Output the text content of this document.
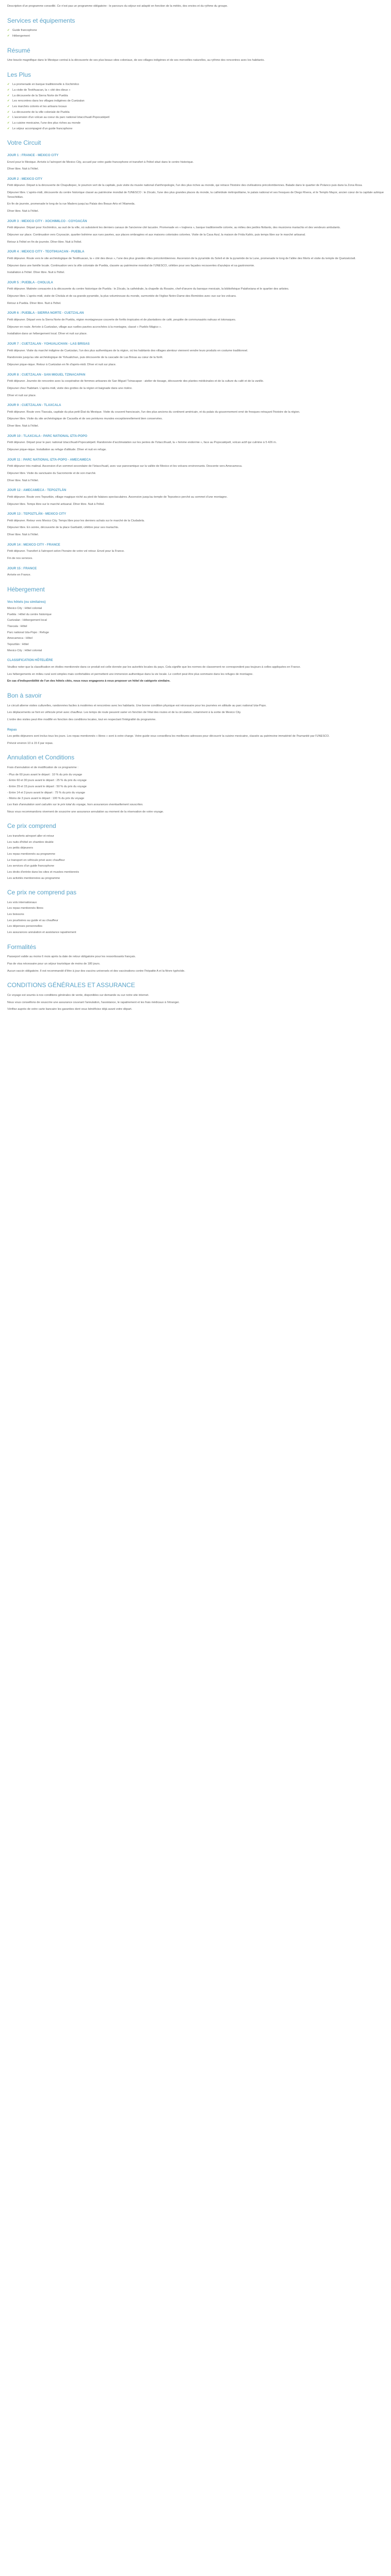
Description d'un programme conseillé. Ce n'est pas un programme obligatoire : le parcours du séjour est adapté en fonction de la météo, des envies et du rythme du groupe.

Services et équipements
✔ Guide francophone
✔ Hébergement
Résumé

Une boucle magnifique dans le Mexique central à la découverte de ses plus beaux sites coloniaux, de ses villages indigènes et de ses merveilles naturelles, au rythme des rencontres avec les habitants.

Les Plus
✔ La promenade en barque traditionnelle à Xochimilco
✔ La visite de Teotihuacan, la « cité des dieux »
✔ La découverte de la Sierra Norte de Puebla
✔ Les rencontres dans les villages indigènes de Cuetzalan
✔ Les marchés colorés et les artisans locaux
✔ La découverte de la ville coloniale de Puebla
✔ L'ascension d'un volcan au coeur du parc national Iztaccíhuatl-Popocatépetl
✔ La cuisine mexicaine, l'une des plus riches au monde
✔ Le séjour accompagné d'un guide francophone
Votre Circuit
JOUR 1 : FRANCE - MEXICO CITY

Envol pour le Mexique. Arrivée à l'aéroport de Mexico City, accueil par votre guide francophone et transfert à l'hôtel situé dans le centre historique.

Dîner libre. Nuit à l'hôtel.

JOUR 2 : MEXICO CITY

Petit déjeuner. Départ à la découverte de Chapultepec, le poumon vert de la capitale, puis visite du musée national d'anthropologie, l'un des plus riches au monde, qui retrace l'histoire des civilisations précolombiennes. Balade dans le quartier de Polanco puis dans la Zona Rosa.

Déjeuner libre. L'après-midi, découverte du centre historique classé au patrimoine mondial de l'UNESCO : le Zócalo, l'une des plus grandes places du monde, la cathédrale métropolitaine, le palais national et ses fresques de Diego Rivera, et le Templo Mayor, ancien cœur de la capitale aztèque Tenochtitlan.

En fin de journée, promenade le long de la rue Madero jusqu'au Palais des Beaux-Arts et l'Alameda.

Dîner libre. Nuit à l'hôtel.

JOUR 3 : MEXICO CITY - XOCHIMILCO - COYOACÁN

Petit déjeuner. Départ pour Xochimilco, au sud de la ville, où subsistent les derniers canaux de l'ancienne cité lacustre. Promenade en « trajinera », barque traditionnelle colorée, au milieu des jardins flottants, des musiciens mariachis et des vendeurs ambulants.

Déjeuner sur place. Continuation vers Coyoacán, quartier bohème aux rues pavées, aux places ombragées et aux maisons coloniales colorées. Visite de la Casa Azul, la maison de Frida Kahlo, puis temps libre sur le marché artisanal.

Retour à l'hôtel en fin de journée. Dîner libre. Nuit à l'hôtel.

JOUR 4 : MEXICO CITY - TEOTIHUACAN - PUEBLA

Petit déjeuner. Route vers le site archéologique de Teotihuacan, la « cité des dieux », l'une des plus grandes villes précolombiennes. Ascension de la pyramide du Soleil et de la pyramide de la Lune, promenade le long de l'allée des Morts et visite du temple de Quetzalcóatl.

Déjeuner dans une famille locale. Continuation vers la ville coloniale de Puebla, classée au patrimoine mondial de l'UNESCO, célèbre pour ses façades recouvertes d'azulejos et sa gastronomie.

Installation à l'hôtel. Dîner libre. Nuit à l'hôtel.

JOUR 5 : PUEBLA - CHOLULA

Petit déjeuner. Matinée consacrée à la découverte du centre historique de Puebla : le Zócalo, la cathédrale, la chapelle du Rosaire, chef-d'œuvre du baroque mexicain, la bibliothèque Palafoxiana et le quartier des artistes.

Déjeuner libre. L'après-midi, visite de Cholula et de sa grande pyramide, la plus volumineuse du monde, surmontée de l'église Notre-Dame-des-Remèdes avec vue sur les volcans.

Retour à Puebla. Dîner libre. Nuit à l'hôtel.

JOUR 6 : PUEBLA - SIERRA NORTE - CUETZALAN

Petit déjeuner. Départ vers la Sierra Norte de Puebla, région montagneuse couverte de forêts tropicales et de plantations de café, peuplée de communautés nahuas et totonaques.

Déjeuner en route. Arrivée à Cuetzalan, village aux ruelles pavées accrochées à la montagne, classé « Pueblo Mágico ».

Installation dans un hébergement local. Dîner et nuit sur place.

JOUR 7 : CUETZALAN - YOHUALICHAN - LAS BRISAS

Petit déjeuner. Visite du marché indigène de Cuetzalan, l'un des plus authentiques de la région, où les habitants des villages alentour viennent vendre leurs produits en costume traditionnel.

Randonnée jusqu'au site archéologique de Yohualichan, puis découverte de la cascade de Las Brisas au cœur de la forêt.

Déjeuner pique-nique. Retour à Cuetzalan en fin d'après-midi. Dîner et nuit sur place.

JOUR 8 : CUETZALAN - SAN MIGUEL TZINACAPAN

Petit déjeuner. Journée de rencontre avec la coopérative de femmes artisanes de San Miguel Tzinacapan : atelier de tissage, découverte des plantes médicinales et de la culture du café et de la vanille.

Déjeuner chez l'habitant. L'après-midi, visite des grottes de la région et baignade dans une rivière.

Dîner et nuit sur place.

JOUR 9 : CUETZALAN - TLAXCALA

Petit déjeuner. Route vers Tlaxcala, capitale du plus petit État du Mexique. Visite du couvent franciscain, l'un des plus anciens du continent américain, et du palais du gouvernement orné de fresques retraçant l'histoire de la région.

Déjeuner libre. Visite du site archéologique de Cacaxtla et de ses peintures murales exceptionnellement bien conservées.

Dîner libre. Nuit à l'hôtel.

JOUR 10 : TLAXCALA - PARC NATIONAL IZTA-POPO

Petit déjeuner. Départ pour le parc national Iztaccíhuatl-Popocatépetl. Randonnée d'acclimatation sur les pentes de l'Iztaccíhuatl, la « femme endormie », face au Popocatépetl, volcan actif qui culmine à 5 426 m.

Déjeuner pique-nique. Installation au refuge d'altitude. Dîner et nuit en refuge.

JOUR 11 : PARC NATIONAL IZTA-POPO - AMECAMECA

Petit déjeuner très matinal. Ascension d'un sommet secondaire de l'Iztaccíhuatl, avec vue panoramique sur la vallée de Mexico et les volcans environnants. Descente vers Amecameca.

Déjeuner libre. Visite du sanctuaire du Sacromonte et de son marché.

Dîner libre. Nuit à l'hôtel.

JOUR 12 : AMECAMECA - TEPOZTLÁN

Petit déjeuner. Route vers Tepoztlán, village magique niché au pied de falaises spectaculaires. Ascension jusqu'au temple de Tepozteco perché au sommet d'une montagne.

Déjeuner libre. Temps libre sur le marché artisanal. Dîner libre. Nuit à l'hôtel.

JOUR 13 : TEPOZTLÁN - MEXICO CITY

Petit déjeuner. Retour vers Mexico City. Temps libre pour les derniers achats sur le marché de la Ciudadela.

Déjeuner libre. En soirée, découverte de la place Garibaldi, célèbre pour ses mariachis.

Dîner libre. Nuit à l'hôtel.

JOUR 14 : MEXICO CITY - FRANCE

Petit déjeuner. Transfert à l'aéroport selon l'horaire de votre vol retour. Envol pour la France.

Fin de nos services.

JOUR 15 : FRANCE

Arrivée en France.

Hébergement
Vos hôtels (ou similaires)

Mexico City : Hôtel colonial

Puebla : Hôtel du centre historique

Cuetzalan : Hébergement local

Tlaxcala : Hôtel

Parc national Izta-Popo : Refuge

Amecameca : Hôtel

Tepoztlán : Hôtel

Mexico City : Hôtel colonial

CLASSIFICATION HÔTELIÈRE

Veuillez noter que la classification en étoiles mentionnée dans ce produit est celle donnée par les autorités locales du pays. Cela signifie que les normes de classement ne correspondent pas toujours à celles appliquées en France.

Les hébergements en milieu rural sont simples mais confortables et permettent une immersion authentique dans la vie locale. Le confort peut être plus sommaire dans les refuges de montagne.

En cas d'indisponibilité de l'un des hôtels cités, nous nous engageons à vous proposer un hôtel de catégorie similaire.

Bon à savoir

Le circuit alterne visites culturelles, randonnées faciles à modérées et rencontres avec les habitants. Une bonne condition physique est nécessaire pour les journées en altitude au parc national Izta-Popo.

Les déplacements se font en véhicule privé avec chauffeur. Les temps de route peuvent varier en fonction de l'état des routes et de la circulation, notamment à la sortie de Mexico City.

L'ordre des visites peut être modifié en fonction des conditions locales, tout en respectant l'intégralité du programme.

Repas

Les petits déjeuners sont inclus tous les jours. Les repas mentionnés « libres » sont à votre charge. Votre guide vous conseillera les meilleures adresses pour découvrir la cuisine mexicaine, classée au patrimoine immatériel de l'humanité par l'UNESCO.

Prévoir environ 10 à 15 € par repas.

Annulation et Conditions

Frais d'annulation et de modification de ce programme :

- Plus de 60 jours avant le départ : 10 % du prix du voyage

- Entre 60 et 30 jours avant le départ : 25 % du prix du voyage

- Entre 29 et 15 jours avant le départ : 50 % du prix du voyage

- Entre 14 et 3 jours avant le départ : 75 % du prix du voyage

- Moins de 3 jours avant le départ : 100 % du prix du voyage

Les frais d'annulation sont calculés sur le prix total du voyage, hors assurances éventuellement souscrites.

Nous vous recommandons vivement de souscrire une assurance annulation au moment de la réservation de votre voyage.

Ce prix comprend

Les transferts aéroport aller et retour

Les nuits d'hôtel en chambre double

Les petits déjeuners

Les repas mentionnés au programme

Le transport en véhicule privé avec chauffeur

Les services d'un guide francophone

Les droits d'entrée dans les sites et musées mentionnés

Les activités mentionnées au programme

Ce prix ne comprend pas

Les vols internationaux

Les repas mentionnés libres

Les boissons

Les pourboires au guide et au chauffeur

Les dépenses personnelles

Les assurances annulation et assistance rapatriement

Formalités

Passeport valide au moins 6 mois après la date de retour obligatoire pour les ressortissants français.

Pas de visa nécessaire pour un séjour touristique de moins de 180 jours.

Aucun vaccin obligatoire. Il est recommandé d'être à jour des vaccins universels et des vaccinations contre l'hépatite A et la fièvre typhoïde.

CONDITIONS GÉNÉRALES ET ASSURANCE

Ce voyage est soumis à nos conditions générales de vente, disponibles sur demande ou sur notre site internet.

Nous vous conseillons de souscrire une assurance couvrant l'annulation, l'assistance, le rapatriement et les frais médicaux à l'étranger.

Vérifiez auprès de votre carte bancaire les garanties dont vous bénéficiez déjà avant votre départ.
